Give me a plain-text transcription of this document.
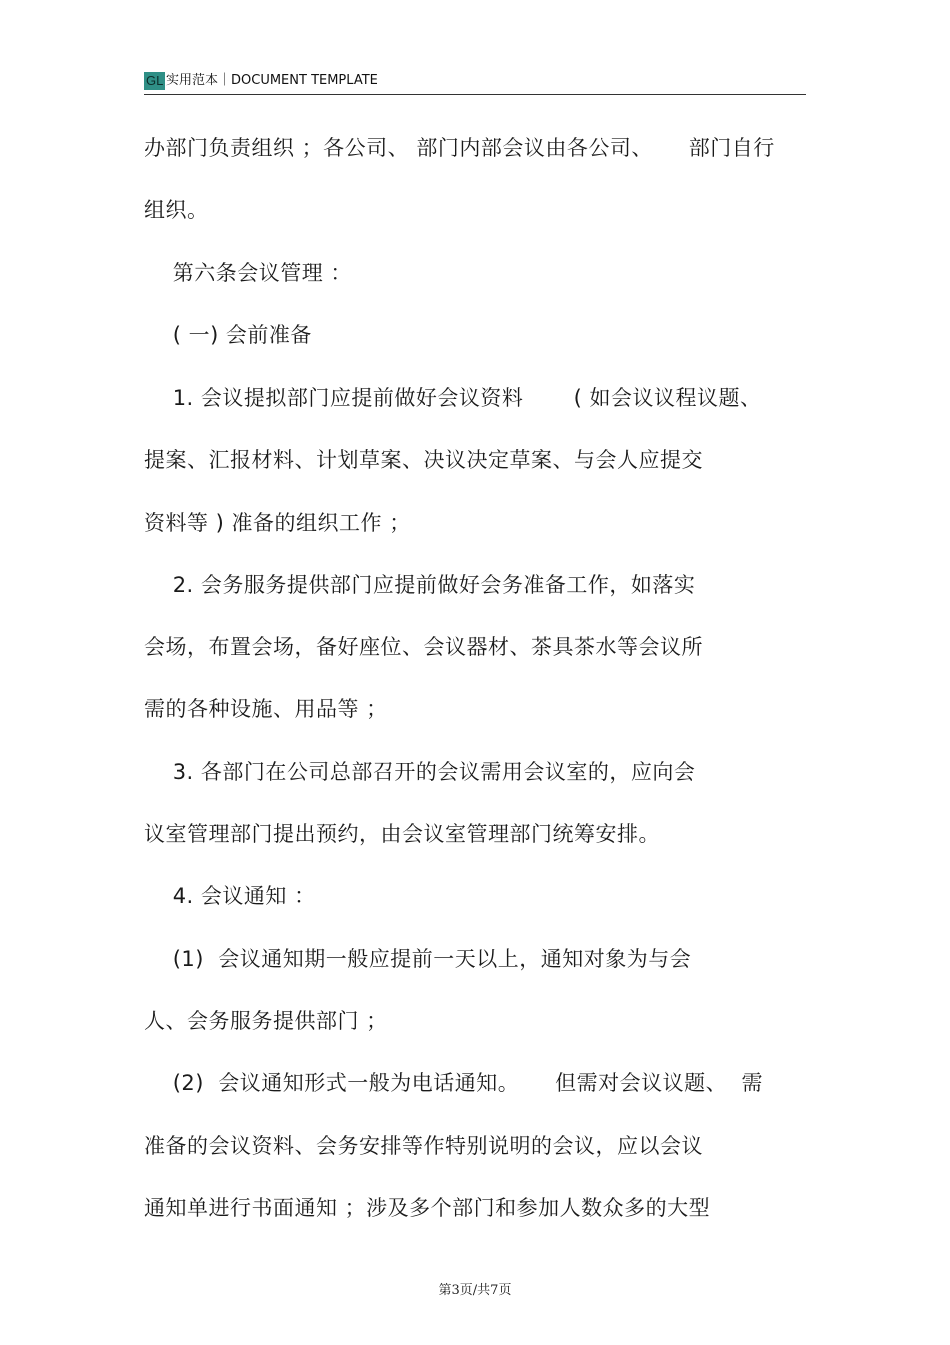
GL 实用范本｜DOCUMENT TEMPLATE
办部门负责组织 ；各公司、 部门内部会议由各公司、     部门自行
组织。
第六条会议管理 ：
( 一) 会前准备
1. 会议提拟部门应提前做好会议资料       ( 如会议议程议题、
提案、汇报材料、计划草案、决议决定草案、与会人应提交
资料等 ) 准备的组织工作 ；
2. 会务服务提供部门应提前做好会务准备工作，如落实
会场，布置会场，备好座位、会议器材、茶具茶水等会议所
需的各种设施、用品等 ；
3. 各部门在公司总部召开的会议需用会议室的，应向会
议室管理部门提出预约，由会议室管理部门统筹安排。
4. 会议通知 ：
(1)  会议通知期一般应提前一天以上，通知对象为与会
人、会务服务提供部门 ；
(2)  会议通知形式一般为电话通知。     但需对会议议题、  需
准备的会议资料、会务安排等作特别说明的会议，应以会议
通知单进行书面通知 ；涉及多个部门和参加人数众多的大型
第3页/共7页
